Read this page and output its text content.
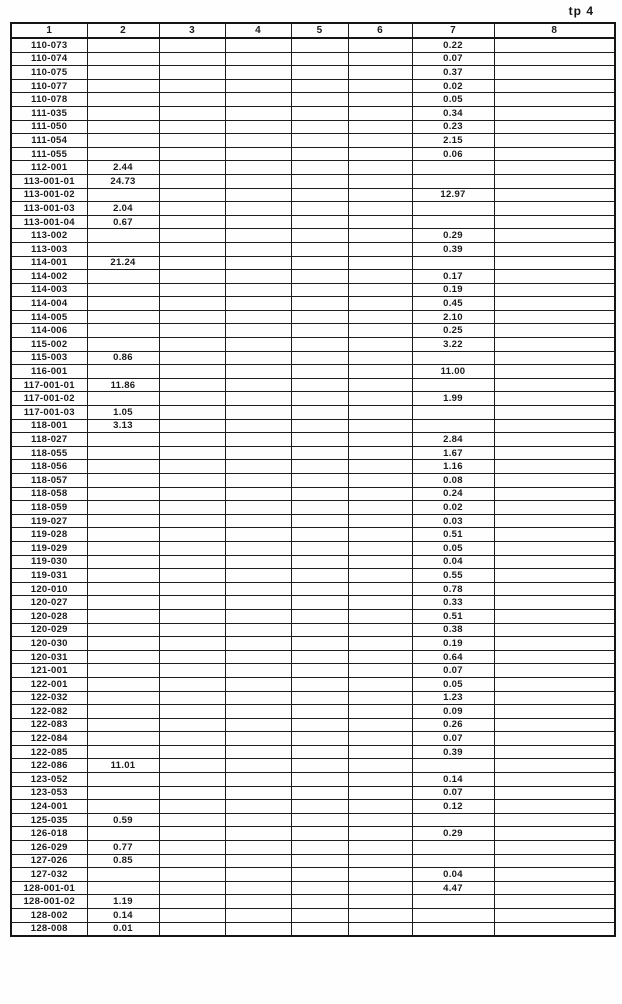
tp 4
1	2	3	4	5	6	7	8
110-073						0.22	
110-074						0.07	
110-075						0.37	
110-077						0.02	
110-078						0.05	
111-035						0.34	
111-050						0.23	
111-054						2.15	
111-055						0.06	
112-001	2.44						
113-001-01	24.73						
113-001-02						12.97	
113-001-03	2.04						
113-001-04	0.67						
113-002						0.29	
113-003						0.39	
114-001	21.24						
114-002						0.17	
114-003						0.19	
114-004						0.45	
114-005						2.10	
114-006						0.25	
115-002						3.22	
115-003	0.86						
116-001						11.00	
117-001-01	11.86						
117-001-02						1.99	
117-001-03	1.05						
118-001	3.13						
118-027						2.84	
118-055						1.67	
118-056						1.16	
118-057						0.08	
118-058						0.24	
118-059						0.02	
119-027						0.03	
119-028						0.51	
119-029						0.05	
119-030						0.04	
119-031						0.55	
120-010						0.78	
120-027						0.33	
120-028						0.51	
120-029						0.38	
120-030						0.19	
120-031						0.64	
121-001						0.07	
122-001						0.05	
122-032						1.23	
122-082						0.09	
122-083						0.26	
122-084						0.07	
122-085						0.39	
122-086	11.01						
123-052						0.14	
123-053						0.07	
124-001						0.12	
125-035	0.59						
126-018						0.29	
126-029	0.77						
127-026	0.85						
127-032						0.04	
128-001-01						4.47	
128-001-02	1.19						
128-002	0.14						
128-008	0.01						
